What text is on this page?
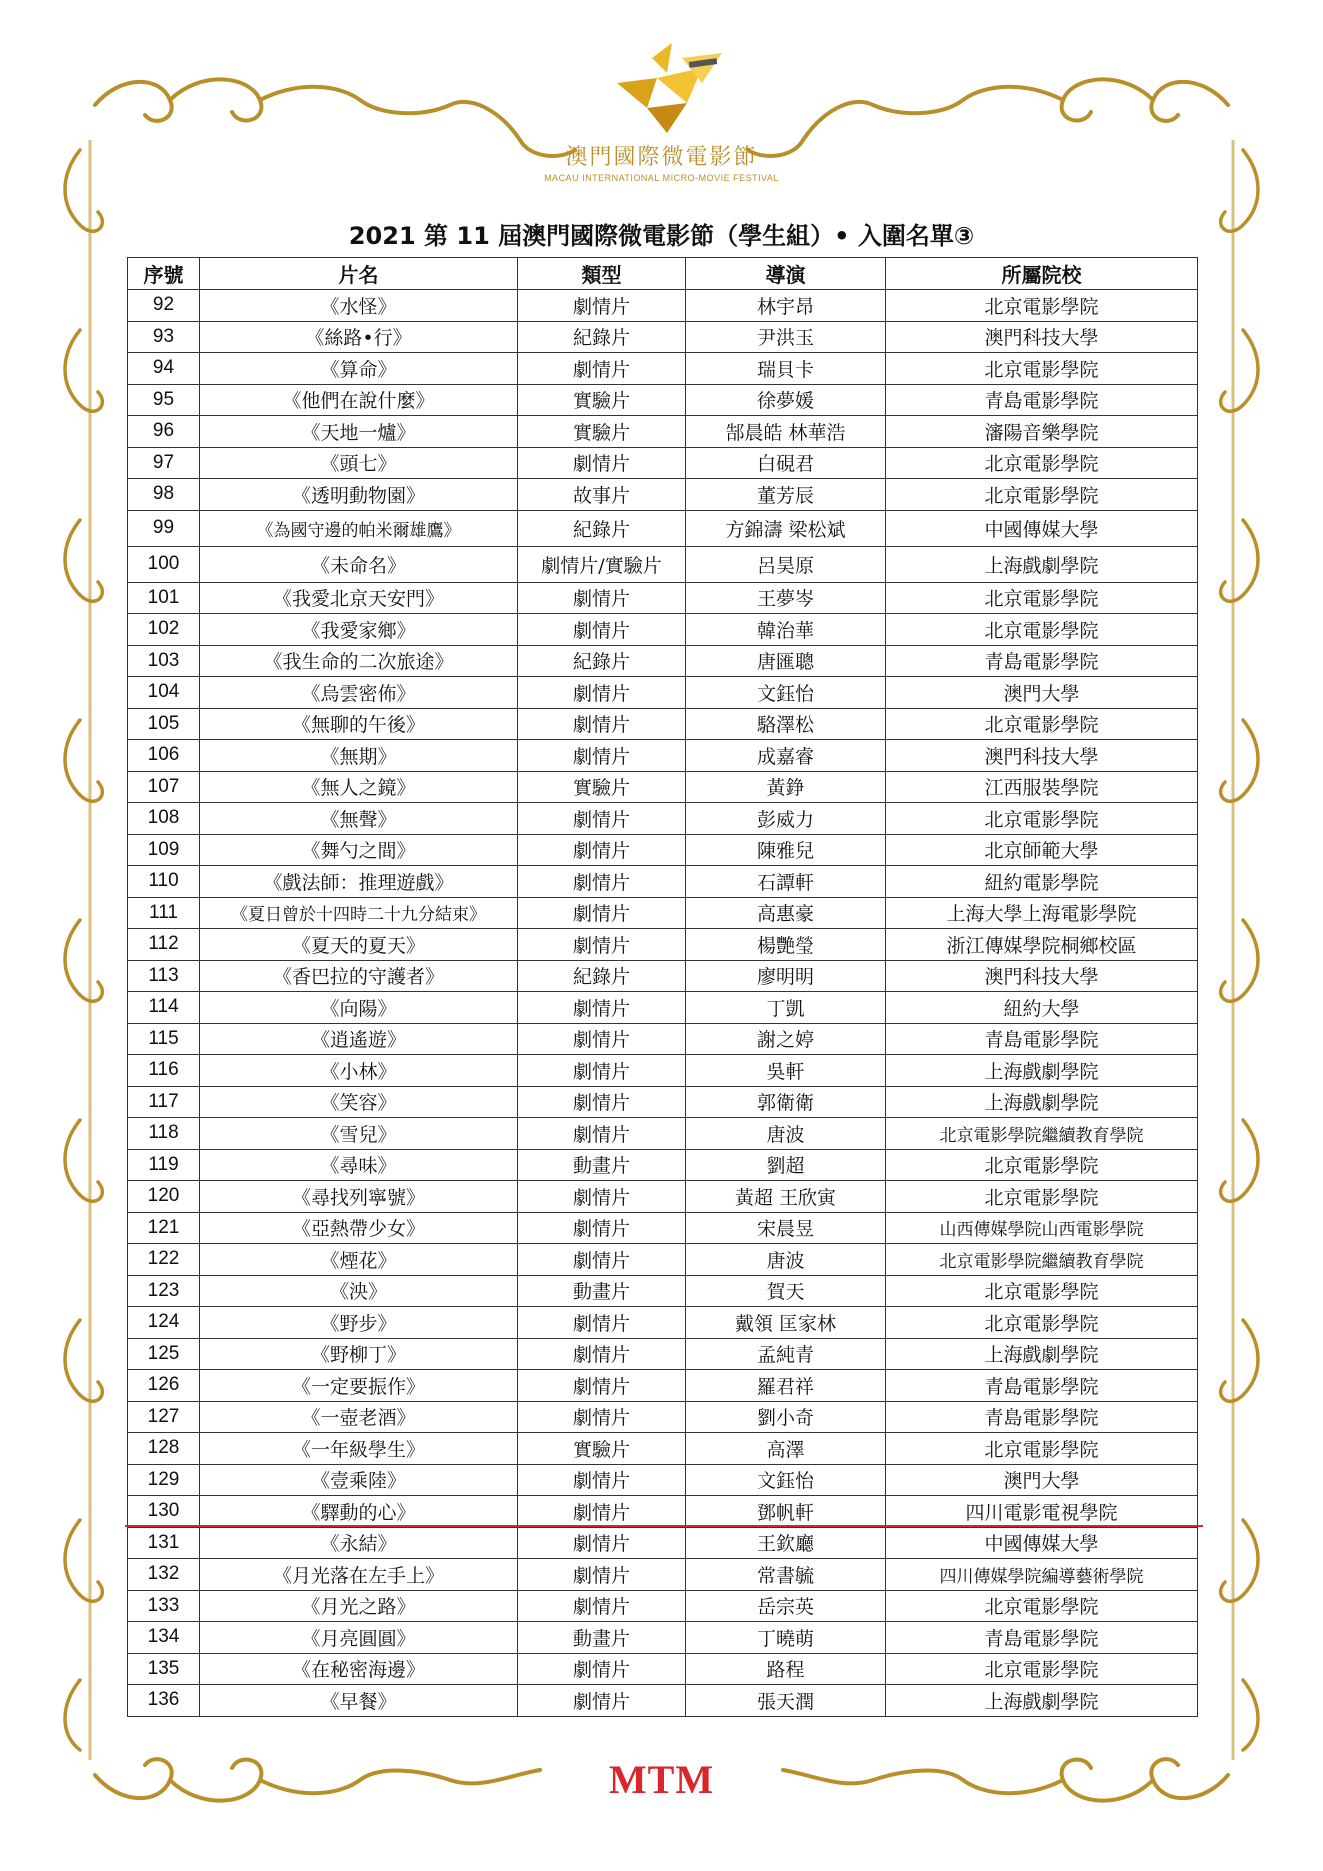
澳門國際微電影節
MACAU INTERNATIONAL MICRO-MOVIE FESTIVAL
2021 第 11 屆澳門國際微電影節（學生組）• 入圍名單③
序號	片名	類型	導演	所屬院校
92	《水怪》	劇情片	林宇昂	北京電影學院
93	《絲路•行》	紀錄片	尹洪玉	澳門科技大學
94	《算命》	劇情片	瑞貝卡	北京電影學院
95	《他們在說什麼》	實驗片	徐夢媛	青島電影學院
96	《天地一爐》	實驗片	郜晨皓 林華浩	瀋陽音樂學院
97	《頭七》	劇情片	白硯君	北京電影學院
98	《透明動物園》	故事片	董芳辰	北京電影學院
99	《為國守邊的帕米爾雄鷹》	紀錄片	方錦濤 梁松斌	中國傳媒大學
100	《未命名》	劇情片/實驗片	呂昊原	上海戲劇學院
101	《我愛北京天安門》	劇情片	王夢岑	北京電影學院
102	《我愛家鄉》	劇情片	韓治華	北京電影學院
103	《我生命的二次旅途》	紀錄片	唐匯聰	青島電影學院
104	《烏雲密佈》	劇情片	文鈺怡	澳門大學
105	《無聊的午後》	劇情片	駱澤松	北京電影學院
106	《無期》	劇情片	成嘉睿	澳門科技大學
107	《無人之鏡》	實驗片	黃錚	江西服裝學院
108	《無聲》	劇情片	彭威力	北京電影學院
109	《舞勺之間》	劇情片	陳雅兒	北京師範大學
110	《戲法師：推理遊戲》	劇情片	石譚軒	紐約電影學院
111	《夏日曾於十四時二十九分結束》	劇情片	高惠豪	上海大學上海電影學院
112	《夏天的夏天》	劇情片	楊艷瑩	浙江傳媒學院桐鄉校區
113	《香巴拉的守護者》	紀錄片	廖明明	澳門科技大學
114	《向陽》	劇情片	丁凱	紐約大學
115	《逍遙遊》	劇情片	謝之婷	青島電影學院
116	《小林》	劇情片	吳軒	上海戲劇學院
117	《笑容》	劇情片	郭衛衛	上海戲劇學院
118	《雪兒》	劇情片	唐波	北京電影學院繼續教育學院
119	《尋味》	動畫片	劉超	北京電影學院
120	《尋找列寧號》	劇情片	黃超 王欣寅	北京電影學院
121	《亞熱帶少女》	劇情片	宋晨昱	山西傳媒學院山西電影學院
122	《煙花》	劇情片	唐波	北京電影學院繼續教育學院
123	《泱》	動畫片	賀天	北京電影學院
124	《野步》	劇情片	戴領 匡家林	北京電影學院
125	《野柳丁》	劇情片	孟純青	上海戲劇學院
126	《一定要振作》	劇情片	羅君祥	青島電影學院
127	《一壺老酒》	劇情片	劉小奇	青島電影學院
128	《一年級學生》	實驗片	高澤	北京電影學院
129	《壹乘陸》	劇情片	文鈺怡	澳門大學
130	《驛動的心》	劇情片	鄧帆軒	四川電影電視學院
131	《永結》	劇情片	王欽廳	中國傳媒大學
132	《月光落在左手上》	劇情片	常書毓	四川傳媒學院編導藝術學院
133	《月光之路》	劇情片	岳宗英	北京電影學院
134	《月亮圓圓》	動畫片	丁曉萌	青島電影學院
135	《在秘密海邊》	劇情片	路程	北京電影學院
136	《早餐》	劇情片	張天潤	上海戲劇學院
MTM
